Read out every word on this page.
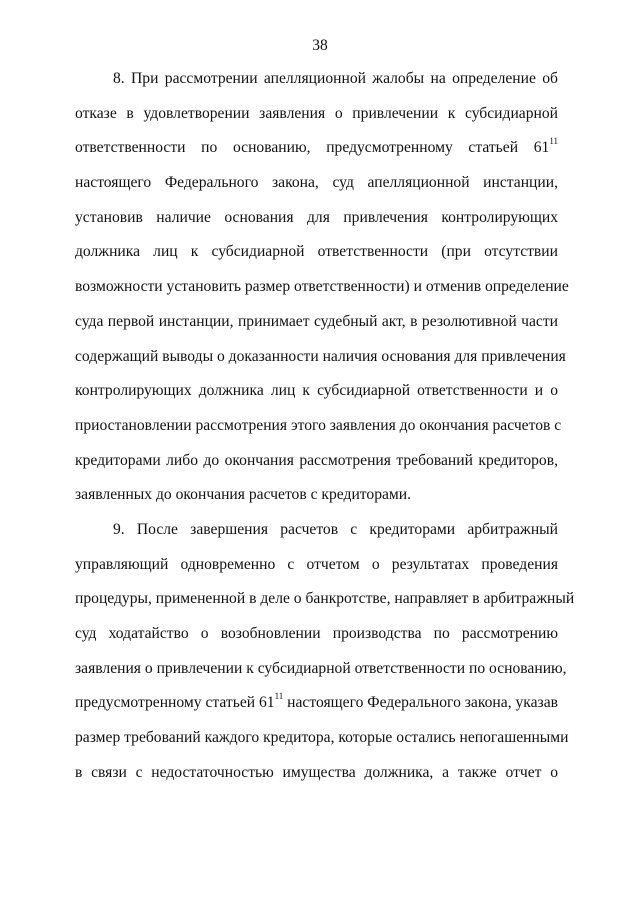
38
8. При рассмотрении апелляционной жалобы на определение об
отказе в удовлетворении заявления о привлечении к субсидиарной
ответственности по основанию, предусмотренному статьей $61^{11}$
настоящего Федерального закона, суд апелляционной инстанции,
установив наличие основания для привлечения контролирующих
должника лиц к субсидиарной ответственности (при отсутствии
возможности установить размер ответственности) и отменив определение
суда первой инстанции, принимает судебный акт, в резолютивной части
содержащий выводы о доказанности наличия основания для привлечения
контролирующих должника лиц к субсидиарной ответственности и о
приостановлении рассмотрения этого заявления до окончания расчетов с
кредиторами либо до окончания рассмотрения требований кредиторов,
заявленных до окончания расчетов с кредиторами.
9. После завершения расчетов с кредиторами арбитражный
управляющий одновременно с отчетом о результатах проведения
процедуры, примененной в деле о банкротстве, направляет в арбитражный
суд ходатайство о возобновлении производства по рассмотрению
заявления о привлечении к субсидиарной ответственности по основанию,
предусмотренному статьей $61^{11}$ настоящего Федерального закона, указав
размер требований каждого кредитора, которые остались непогашенными
в связи с недостаточностью имущества должника, а также отчет о
